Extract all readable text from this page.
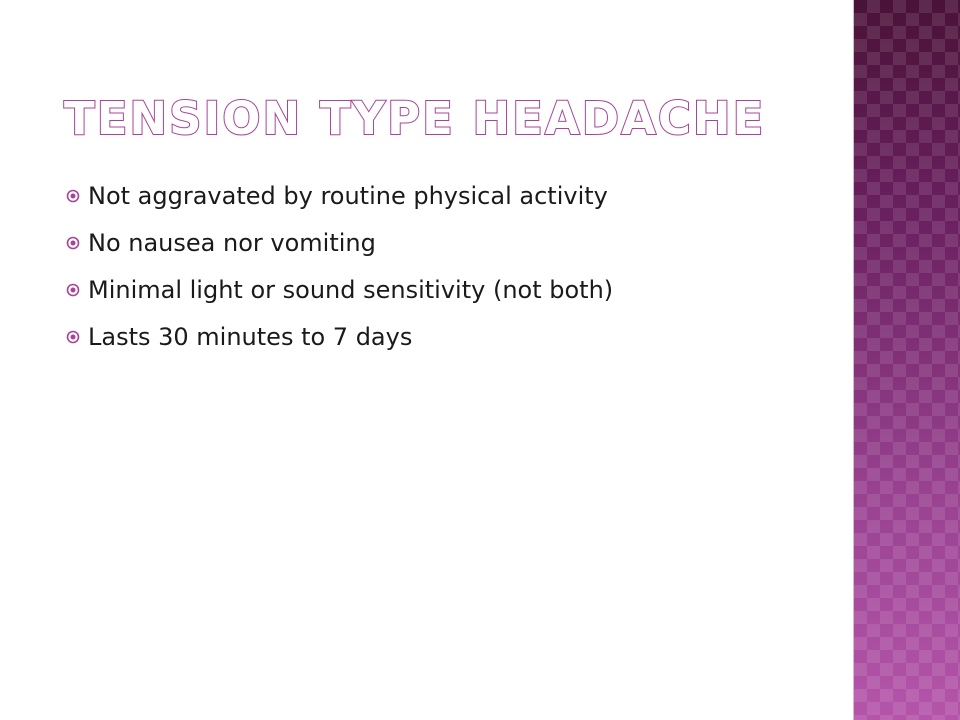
TENSION TYPE HEADACHE
Not aggravated by routine physical activity
No nausea nor vomiting
Minimal light or sound sensitivity (not both)
Lasts 30 minutes to 7 days
